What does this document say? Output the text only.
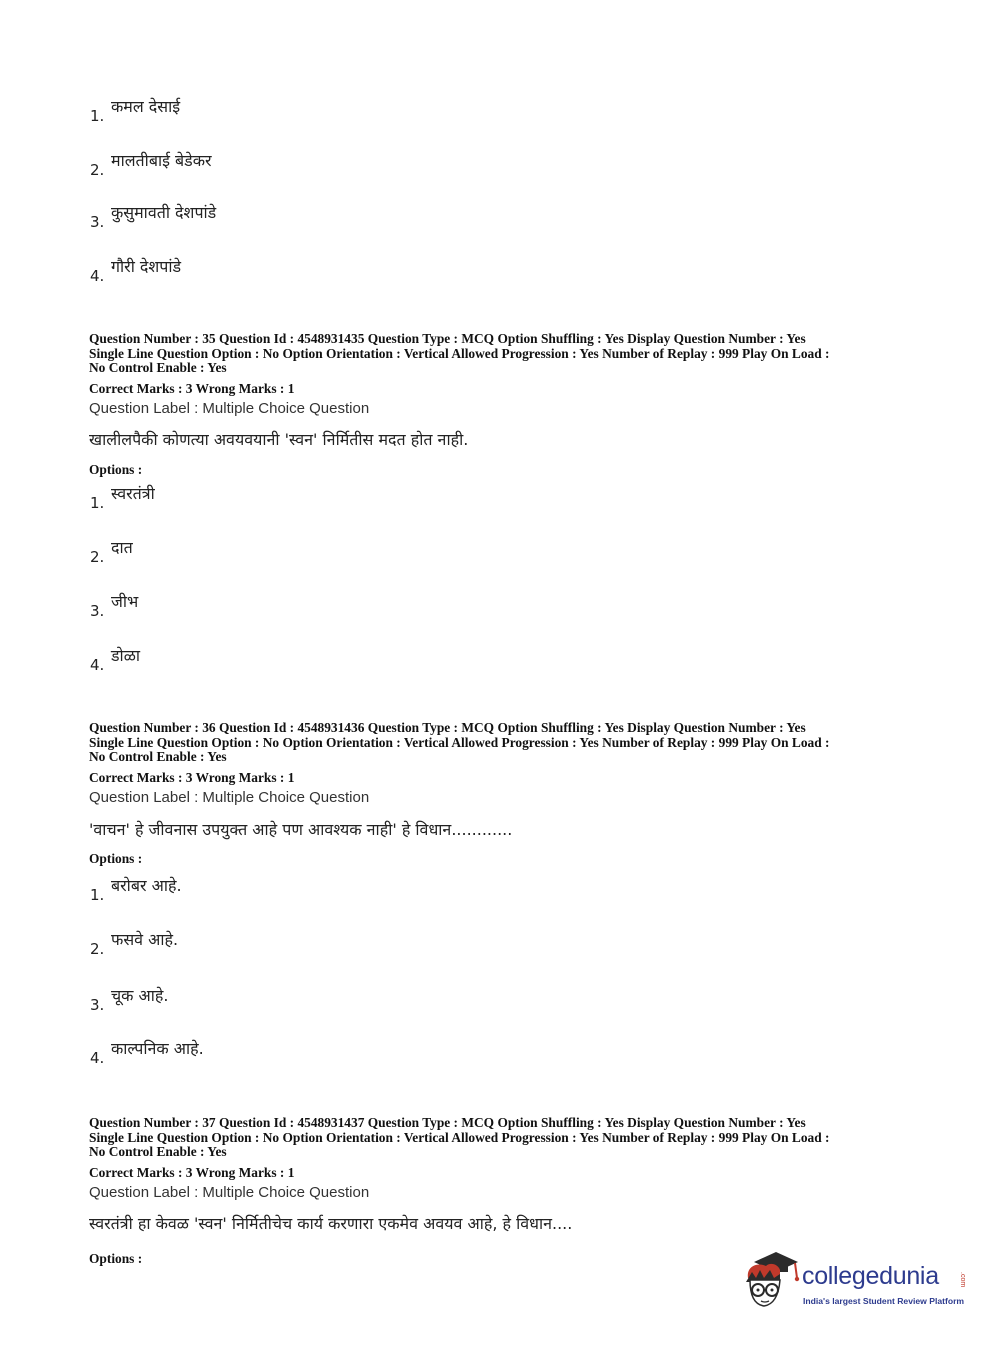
1. कमल देसाई
2. मालतीबाई बेडेकर
3. कुसुमावती देशपांडे
4. गौरी देशपांडे
Question Number : 35 Question Id : 4548931435 Question Type : MCQ Option Shuffling : Yes Display Question Number : Yes
Single Line Question Option : No Option Orientation : Vertical Allowed Progression : Yes Number of Replay : 999 Play On Load :
No Control Enable : Yes
Correct Marks : 3 Wrong Marks : 1
Question Label : Multiple Choice Question
खालीलपैकी कोणत्या अवयवयानी 'स्वन' निर्मितीस मदत होत नाही.
Options :
1. स्वरतंत्री
2. दात
3. जीभ
4. डोळा
Question Number : 36 Question Id : 4548931436 Question Type : MCQ Option Shuffling : Yes Display Question Number : Yes
Single Line Question Option : No Option Orientation : Vertical Allowed Progression : Yes Number of Replay : 999 Play On Load :
No Control Enable : Yes
Correct Marks : 3 Wrong Marks : 1
Question Label : Multiple Choice Question
'वाचन' हे जीवनास उपयुक्त आहे पण आवश्यक नाही' हे विधान............
Options :
1. बरोबर आहे.
2. फसवे आहे.
3. चूक आहे.
4. काल्पनिक आहे.
Question Number : 37 Question Id : 4548931437 Question Type : MCQ Option Shuffling : Yes Display Question Number : Yes
Single Line Question Option : No Option Orientation : Vertical Allowed Progression : Yes Number of Replay : 999 Play On Load :
No Control Enable : Yes
Correct Marks : 3 Wrong Marks : 1
Question Label : Multiple Choice Question
स्वरतंत्री हा केवळ 'स्वन' निर्मितीचेच कार्य करणारा एकमेव अवयव आहे, हे विधान....
Options :
collegedunia	.com
India's largest Student Review Platform
